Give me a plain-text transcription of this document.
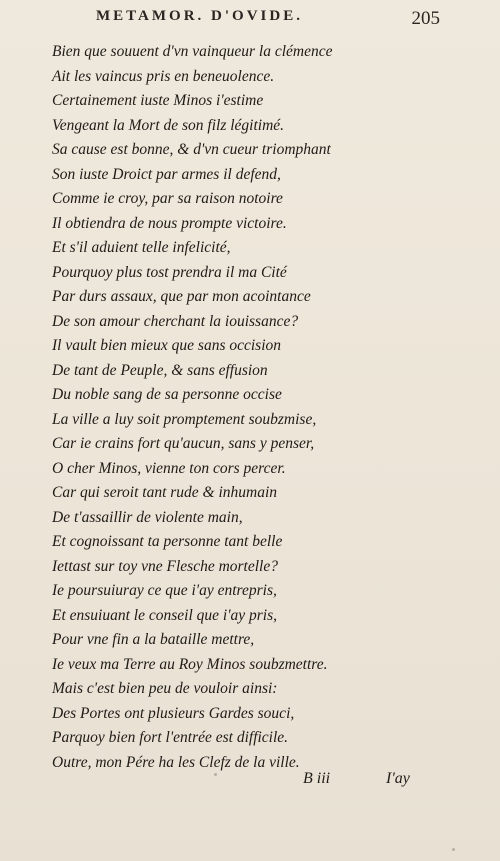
METAMOR. D'OVIDE.	205
Bien que souuent d'vn vainqueur la clémence
Ait les vaincus pris en beneuolence.
Certainement iuste Minos i'estime
Vengeant la Mort de son filz légitimé.
Sa cause est bonne, & d'vn cueur triomphant
Son iuste Droict par armes il defend,
Comme ie croy, par sa raison notoire
Il obtiendra de nous prompte victoire.
Et s'il aduient telle infelicité,
Pourquoy plus tost prendra il ma Cité
Par durs assaux, que par mon acointance
De son amour cherchant la iouissance?
Il vault bien mieux que sans occision
De tant de Peuple, & sans effusion
Du noble sang de sa personne occise
La ville a luy soit promptement soubzmise,
Car ie crains fort qu'aucun, sans y penser,
O cher Minos, vienne ton cors percer.
Car qui seroit tant rude & inhumain
De t'assaillir de violente main,
Et cognoissant ta personne tant belle
Iettast sur toy vne Flesche mortelle?
Ie poursuiuray ce que i'ay entrepris,
Et ensuiuant le conseil que i'ay pris,
Pour vne fin a la bataille mettre,
Ie veux ma Terre au Roy Minos soubzmettre.
Mais c'est bien peu de vouloir ainsi:
Des Portes ont plusieurs Gardes souci,
Parquoy bien fort l'entrée est difficile.
Outre, mon Pére ha les Clefz de la ville.
B iii	I'ay
